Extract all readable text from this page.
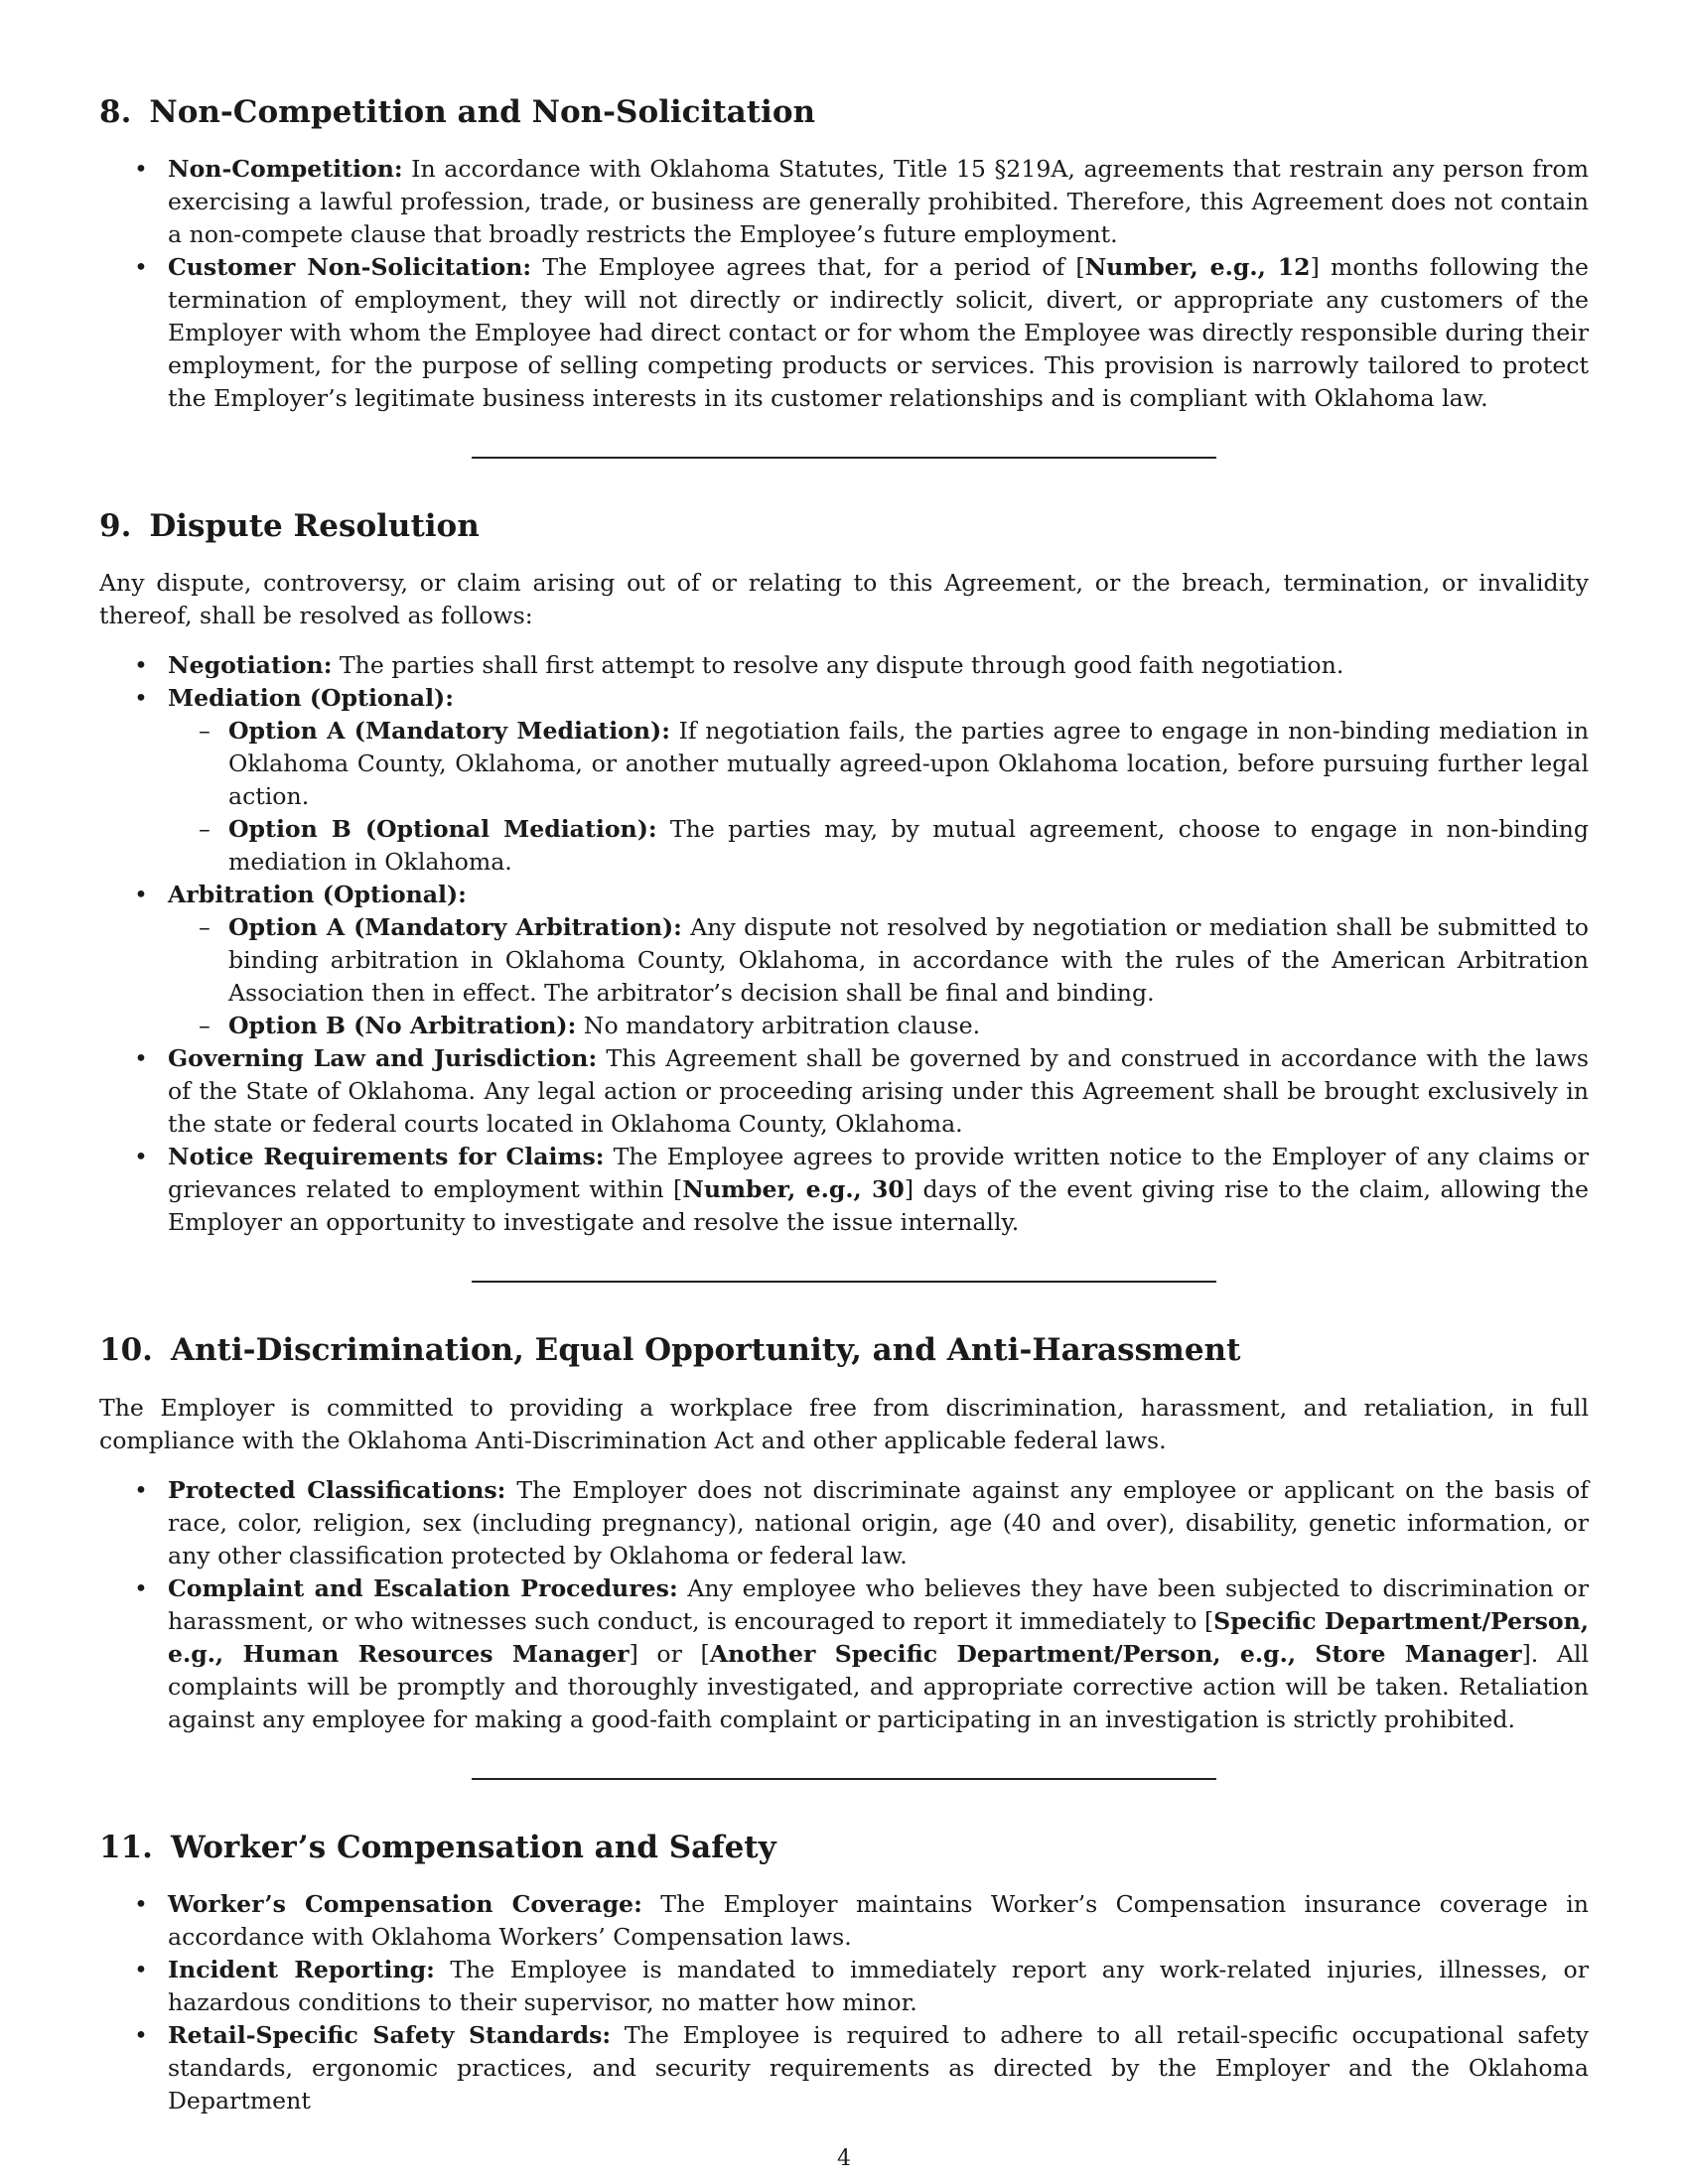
8. Non-Competition and Non-Solicitation
• Non-Competition: In accordance with Oklahoma Statutes, Title 15 §219A, agreements that restrain any person from exercising a lawful profession, trade, or business are generally prohibited. Therefore, this Agreement does not contain a non-compete clause that broadly restricts the Employee’s future employment.
• Customer Non-Solicitation: The Employee agrees that, for a period of [Number, e.g., 12] months following the termination of employment, they will not directly or indirectly solicit, divert, or appropriate any customers of the Employer with whom the Employee had direct contact or for whom the Employee was directly responsible during their employment, for the purpose of selling competing products or services. This provision is narrowly tailored to protect the Employer’s legitimate business interests in its customer relationships and is compliant with Oklahoma law.
9. Dispute Resolution

Any dispute, controversy, or claim arising out of or relating to this Agreement, or the breach, termination, or invalidity thereof, shall be resolved as follows:

• Negotiation: The parties shall first attempt to resolve any dispute through good faith negotiation.
• Mediation (Optional):
– Option A (Mandatory Mediation): If negotiation fails, the parties agree to engage in non-binding mediation in Oklahoma County, Oklahoma, or another mutually agreed-upon Oklahoma location, before pursuing further legal action.
– Option B (Optional Mediation): The parties may, by mutual agreement, choose to engage in non-binding mediation in Oklahoma.
• Arbitration (Optional):
– Option A (Mandatory Arbitration): Any dispute not resolved by negotiation or mediation shall be submitted to binding arbitration in Oklahoma County, Oklahoma, in accordance with the rules of the American Arbitration Association then in effect. The arbitrator’s decision shall be final and binding.
– Option B (No Arbitration): No mandatory arbitration clause.
• Governing Law and Jurisdiction: This Agreement shall be governed by and construed in accordance with the laws of the State of Oklahoma. Any legal action or proceeding arising under this Agreement shall be brought exclusively in the state or federal courts located in Oklahoma County, Oklahoma.
• Notice Requirements for Claims: The Employee agrees to provide written notice to the Employer of any claims or grievances related to employment within [Number, e.g., 30] days of the event giving rise to the claim, allowing the Employer an opportunity to investigate and resolve the issue internally.
10. Anti-Discrimination, Equal Opportunity, and Anti-Harassment

The Employer is committed to providing a workplace free from discrimination, harassment, and retaliation, in full compliance with the Oklahoma Anti-Discrimination Act and other applicable federal laws.

• Protected Classifications: The Employer does not discriminate against any employee or applicant on the basis of race, color, religion, sex (including pregnancy), national origin, age (40 and over), disability, genetic information, or any other classification protected by Oklahoma or federal law.
• Complaint and Escalation Procedures: Any employee who believes they have been subjected to discrimination or harassment, or who witnesses such conduct, is encouraged to report it immediately to [Specific Department/Person, e.g., Human Resources Manager] or [Another Specific Department/Person, e.g., Store Manager]. All complaints will be promptly and thoroughly investigated, and appropriate corrective action will be taken. Retaliation against any employee for making a good-faith complaint or participating in an investigation is strictly prohibited.
11. Worker’s Compensation and Safety
• Worker’s Compensation Coverage: The Employer maintains Worker’s Compensation insurance coverage in accordance with Oklahoma Workers’ Compensation laws.
• Incident Reporting: The Employee is mandated to immediately report any work-related injuries, illnesses, or hazardous conditions to their supervisor, no matter how minor.
• Retail-Specific Safety Standards: The Employee is required to adhere to all retail-specific occupational safety standards, ergonomic practices, and security requirements as directed by the Employer and the Oklahoma Department
4
